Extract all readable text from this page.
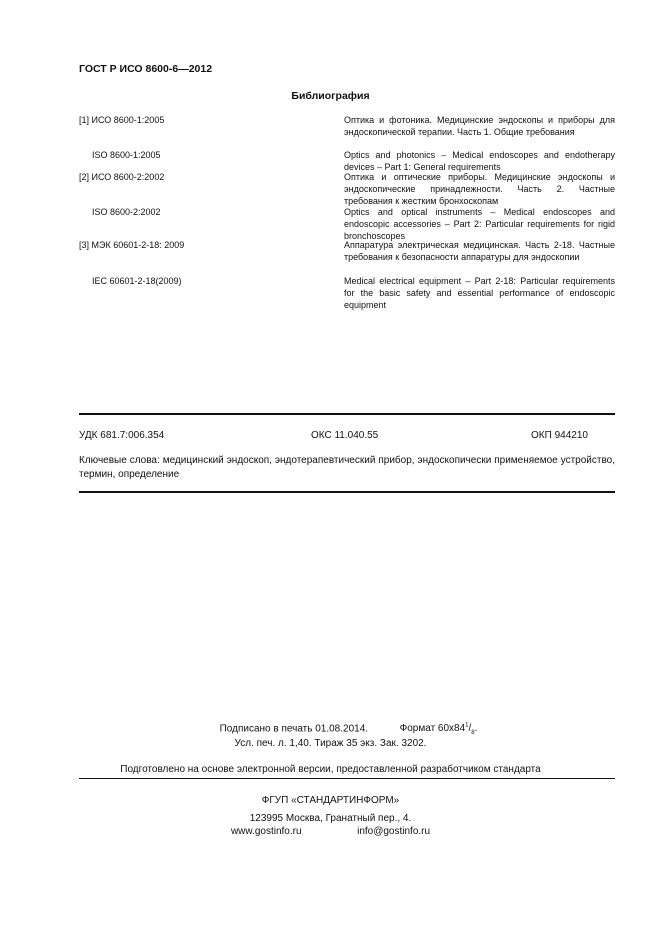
ГОСТ Р ИСО 8600-6—2012
Библиография
[1] ИСО 8600-1:2005	Оптика и фотоника. Медицинские эндоскопы и приборы для эндоскопической терапии. Часть 1. Общие требования
ISO 8600-1:2005	Optics and photonics – Medical endoscopes and endotherapy devices – Part 1: General requirements
[2] ИСО 8600-2:2002	Оптика и оптические приборы. Медицинские эндоскопы и эндоскопические принадлежности. Часть 2. Частные требования к жестким бронхоскопам
ISO 8600-2:2002	Optics and optical instruments – Medical endoscopes and endoscopic accessories – Part 2: Particular requirements for rigid bronchoscopes
[3] МЭК 60601-2-18: 2009	Аппаратура электрическая медицинская. Часть 2-18. Частные требования к безопасности аппаратуры для эндоскопии
IEC 60601-2-18(2009)	Medical electrical equipment – Part 2-18: Particular requirements for the basic safety and essential performance of endoscopic equipment
УДК 681.7:006.354	ОКС 11.040.55	ОКП 944210
Ключевые слова: медицинский эндоскоп, эндотерапевтический прибор, эндоскопически применяемое устройство, термин, определение
Подписано в печать 01.08.2014.	Формат $60x84^1/_8$.
Усл. печ. л. 1,40. Тираж 35 экз. Зак. 3202.
Подготовлено на основе электронной версии, предоставленной разработчиком стандарта
ФГУП «СТАНДАРТИНФОРМ»
123995 Москва, Гранатный пер., 4.
www.gostinfo.ru	info@gostinfo.ru
